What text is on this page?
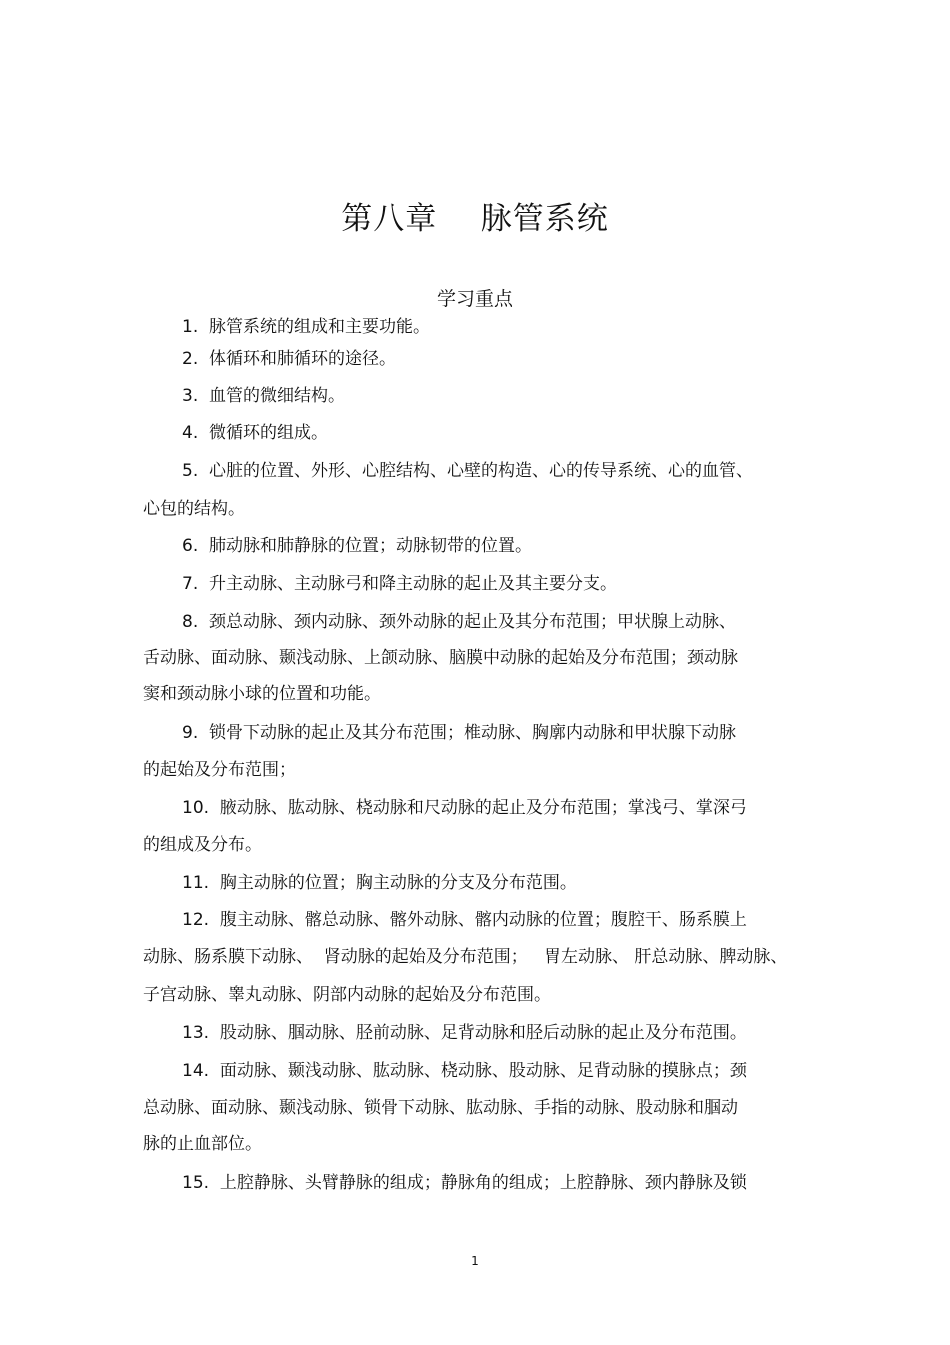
第八章    脉管系统
学习重点
1.  脉管系统的组成和主要功能。
2.  体循环和肺循环的途径。
3.  血管的微细结构。
4.  微循环的组成。
5.  心脏的位置、外形、心腔结构、心壁的构造、心的传导系统、心的血管、
心包的结构。
6.  肺动脉和肺静脉的位置；动脉韧带的位置。
7.  升主动脉、主动脉弓和降主动脉的起止及其主要分支。
8.  颈总动脉、颈内动脉、颈外动脉的起止及其分布范围；甲状腺上动脉、
舌动脉、面动脉、颞浅动脉、上颌动脉、脑膜中动脉的起始及分布范围；颈动脉
窦和颈动脉小球的位置和功能。
9.  锁骨下动脉的起止及其分布范围；椎动脉、胸廓内动脉和甲状腺下动脉
的起始及分布范围；
10.  腋动脉、肱动脉、桡动脉和尺动脉的起止及分布范围；掌浅弓、掌深弓
的组成及分布。
11.  胸主动脉的位置；胸主动脉的分支及分布范围。
12.  腹主动脉、髂总动脉、髂外动脉、髂内动脉的位置；腹腔干、肠系膜上
动脉、肠系膜下动脉、  肾动脉的起始及分布范围；   胃左动脉、 肝总动脉、脾动脉、
子宫动脉、睾丸动脉、阴部内动脉的起始及分布范围。
13.  股动脉、腘动脉、胫前动脉、足背动脉和胫后动脉的起止及分布范围。
14.  面动脉、颞浅动脉、肱动脉、桡动脉、股动脉、足背动脉的摸脉点；颈
总动脉、面动脉、颞浅动脉、锁骨下动脉、肱动脉、手指的动脉、股动脉和腘动
脉的止血部位。
15.  上腔静脉、头臂静脉的组成；静脉角的组成；上腔静脉、颈内静脉及锁
1
